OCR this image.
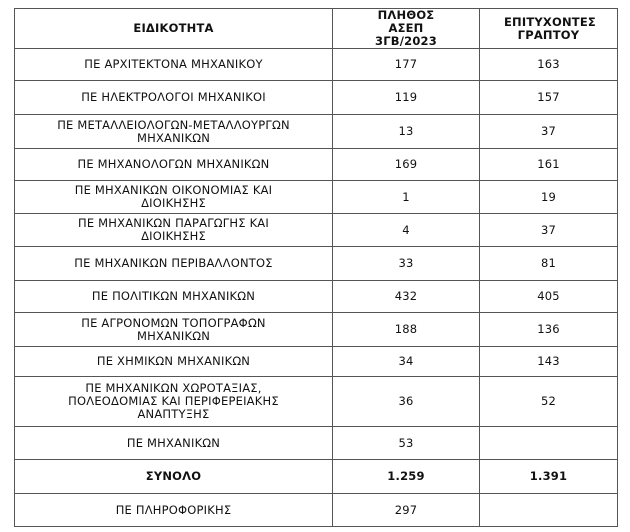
ΕΙΔΙΚΟΤΗΤΑ	ΠΛΗΘΟΣ ΑΣΕΠ 3ΓΒ/2023	ΕΠΙΤΥΧΟΝΤΕΣ ΓΡΑΠΤΟΥ
ΠΕ ΑΡΧΙΤΕΚΤΟΝΑ ΜΗΧΑΝΙΚΟΥ	177	163
ΠΕ ΗΛΕΚΤΡΟΛΟΓΟΙ ΜΗΧΑΝΙΚΟΙ	119	157
ΠΕ ΜΕΤΑΛΛΕΙΟΛΟΓΩΝ-ΜΕΤΑΛΛΟΥΡΓΩΝ ΜΗΧΑΝΙΚΩΝ	13	37
ΠΕ ΜΗΧΑΝΟΛΟΓΩΝ ΜΗΧΑΝΙΚΩΝ	169	161
ΠΕ ΜΗΧΑΝΙΚΩΝ ΟΙΚΟΝΟΜΙΑΣ ΚΑΙ ΔΙΟΙΚΗΣΗΣ	1	19
ΠΕ ΜΗΧΑΝΙΚΩΝ ΠΑΡΑΓΩΓΗΣ ΚΑΙ ΔΙΟΙΚΗΣΗΣ	4	37
ΠΕ ΜΗΧΑΝΙΚΩΝ ΠΕΡΙΒΑΛΛΟΝΤΟΣ	33	81
ΠΕ ΠΟΛΙΤΙΚΩΝ ΜΗΧΑΝΙΚΩΝ	432	405
ΠΕ ΑΓΡΟΝΟΜΩΝ ΤΟΠΟΓΡΑΦΩΝ ΜΗΧΑΝΙΚΩΝ	188	136
ΠΕ ΧΗΜΙΚΩΝ ΜΗΧΑΝΙΚΩΝ	34	143
ΠΕ ΜΗΧΑΝΙΚΩΝ ΧΩΡΟΤΑΞΙΑΣ, ΠΟΛΕΟΔΟΜΙΑΣ ΚΑΙ ΠΕΡΙΦΕΡΕΙΑΚΗΣ ΑΝΑΠΤΥΞΗΣ	36	52
ΠΕ ΜΗΧΑΝΙΚΩΝ	53	
ΣΥΝΟΛΟ	1.259	1.391
ΠΕ ΠΛΗΡΟΦΟΡΙΚΗΣ	297	
